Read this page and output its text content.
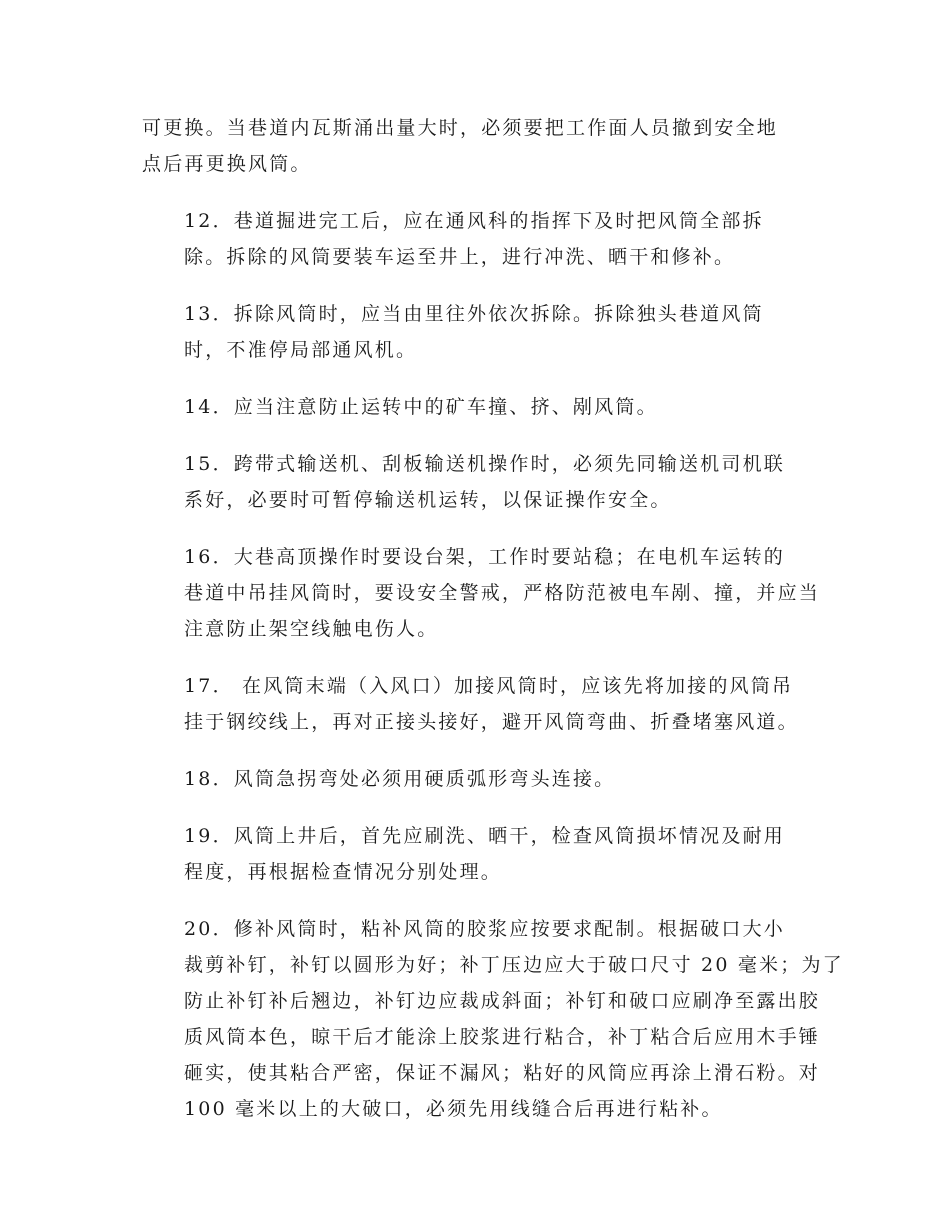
可更换。当巷道内瓦斯涌出量大时，必须要把工作面人员撤到安全地
点后再更换风筒。

12．巷道掘进完工后，应在通风科的指挥下及时把风筒全部拆
除。拆除的风筒要装车运至井上，进行冲洗、晒干和修补。

13．拆除风筒时，应当由里往外依次拆除。拆除独头巷道风筒
时，不准停局部通风机。

14．应当注意防止运转中的矿车撞、挤、剐风筒。

15．跨带式输送机、刮板输送机操作时，必须先同输送机司机联
系好，必要时可暂停输送机运转，以保证操作安全。

16．大巷高顶操作时要设台架，工作时要站稳；在电机车运转的
巷道中吊挂风筒时，要设安全警戒，严格防范被电车剐、撞，并应当
注意防止架空线触电伤人。

17． 在风筒末端（入风口）加接风筒时，应该先将加接的风筒吊
挂于钢绞线上，再对正接头接好，避开风筒弯曲、折叠堵塞风道。

18．风筒急拐弯处必须用硬质弧形弯头连接。

19．风筒上井后，首先应刷洗、晒干，检查风筒损坏情况及耐用
程度，再根据检查情况分别处理。

20．修补风筒时，粘补风筒的胶浆应按要求配制。根据破口大小
裁剪补钉，补钉以圆形为好；补丁压边应大于破口尺寸 20 毫米；为了
防止补钉补后翘边，补钉边应裁成斜面；补钉和破口应刷净至露出胶
质风筒本色，晾干后才能涂上胶浆进行粘合，补丁粘合后应用木手锤
砸实，使其粘合严密，保证不漏风；粘好的风筒应再涂上滑石粉。对
100 毫米以上的大破口，必须先用线缝合后再进行粘补。
